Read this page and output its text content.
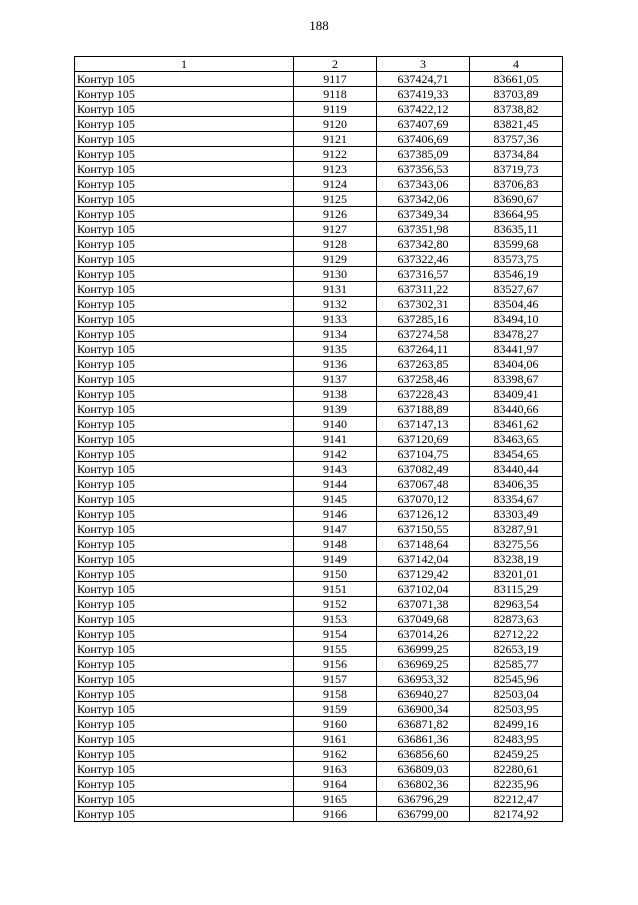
188
1	2	3	4
Контур 105	9117	637424,71	83661,05
Контур 105	9118	637419,33	83703,89
Контур 105	9119	637422,12	83738,82
Контур 105	9120	637407,69	83821,45
Контур 105	9121	637406,69	83757,36
Контур 105	9122	637385,09	83734,84
Контур 105	9123	637356,53	83719,73
Контур 105	9124	637343,06	83706,83
Контур 105	9125	637342,06	83690,67
Контур 105	9126	637349,34	83664,95
Контур 105	9127	637351,98	83635,11
Контур 105	9128	637342,80	83599,68
Контур 105	9129	637322,46	83573,75
Контур 105	9130	637316,57	83546,19
Контур 105	9131	637311,22	83527,67
Контур 105	9132	637302,31	83504,46
Контур 105	9133	637285,16	83494,10
Контур 105	9134	637274,58	83478,27
Контур 105	9135	637264,11	83441,97
Контур 105	9136	637263,85	83404,06
Контур 105	9137	637258,46	83398,67
Контур 105	9138	637228,43	83409,41
Контур 105	9139	637188,89	83440,66
Контур 105	9140	637147,13	83461,62
Контур 105	9141	637120,69	83463,65
Контур 105	9142	637104,75	83454,65
Контур 105	9143	637082,49	83440,44
Контур 105	9144	637067,48	83406,35
Контур 105	9145	637070,12	83354,67
Контур 105	9146	637126,12	83303,49
Контур 105	9147	637150,55	83287,91
Контур 105	9148	637148,64	83275,56
Контур 105	9149	637142,04	83238,19
Контур 105	9150	637129,42	83201,01
Контур 105	9151	637102,04	83115,29
Контур 105	9152	637071,38	82963,54
Контур 105	9153	637049,68	82873,63
Контур 105	9154	637014,26	82712,22
Контур 105	9155	636999,25	82653,19
Контур 105	9156	636969,25	82585,77
Контур 105	9157	636953,32	82545,96
Контур 105	9158	636940,27	82503,04
Контур 105	9159	636900,34	82503,95
Контур 105	9160	636871,82	82499,16
Контур 105	9161	636861,36	82483,95
Контур 105	9162	636856,60	82459,25
Контур 105	9163	636809,03	82280,61
Контур 105	9164	636802,36	82235,96
Контур 105	9165	636796,29	82212,47
Контур 105	9166	636799,00	82174,92
